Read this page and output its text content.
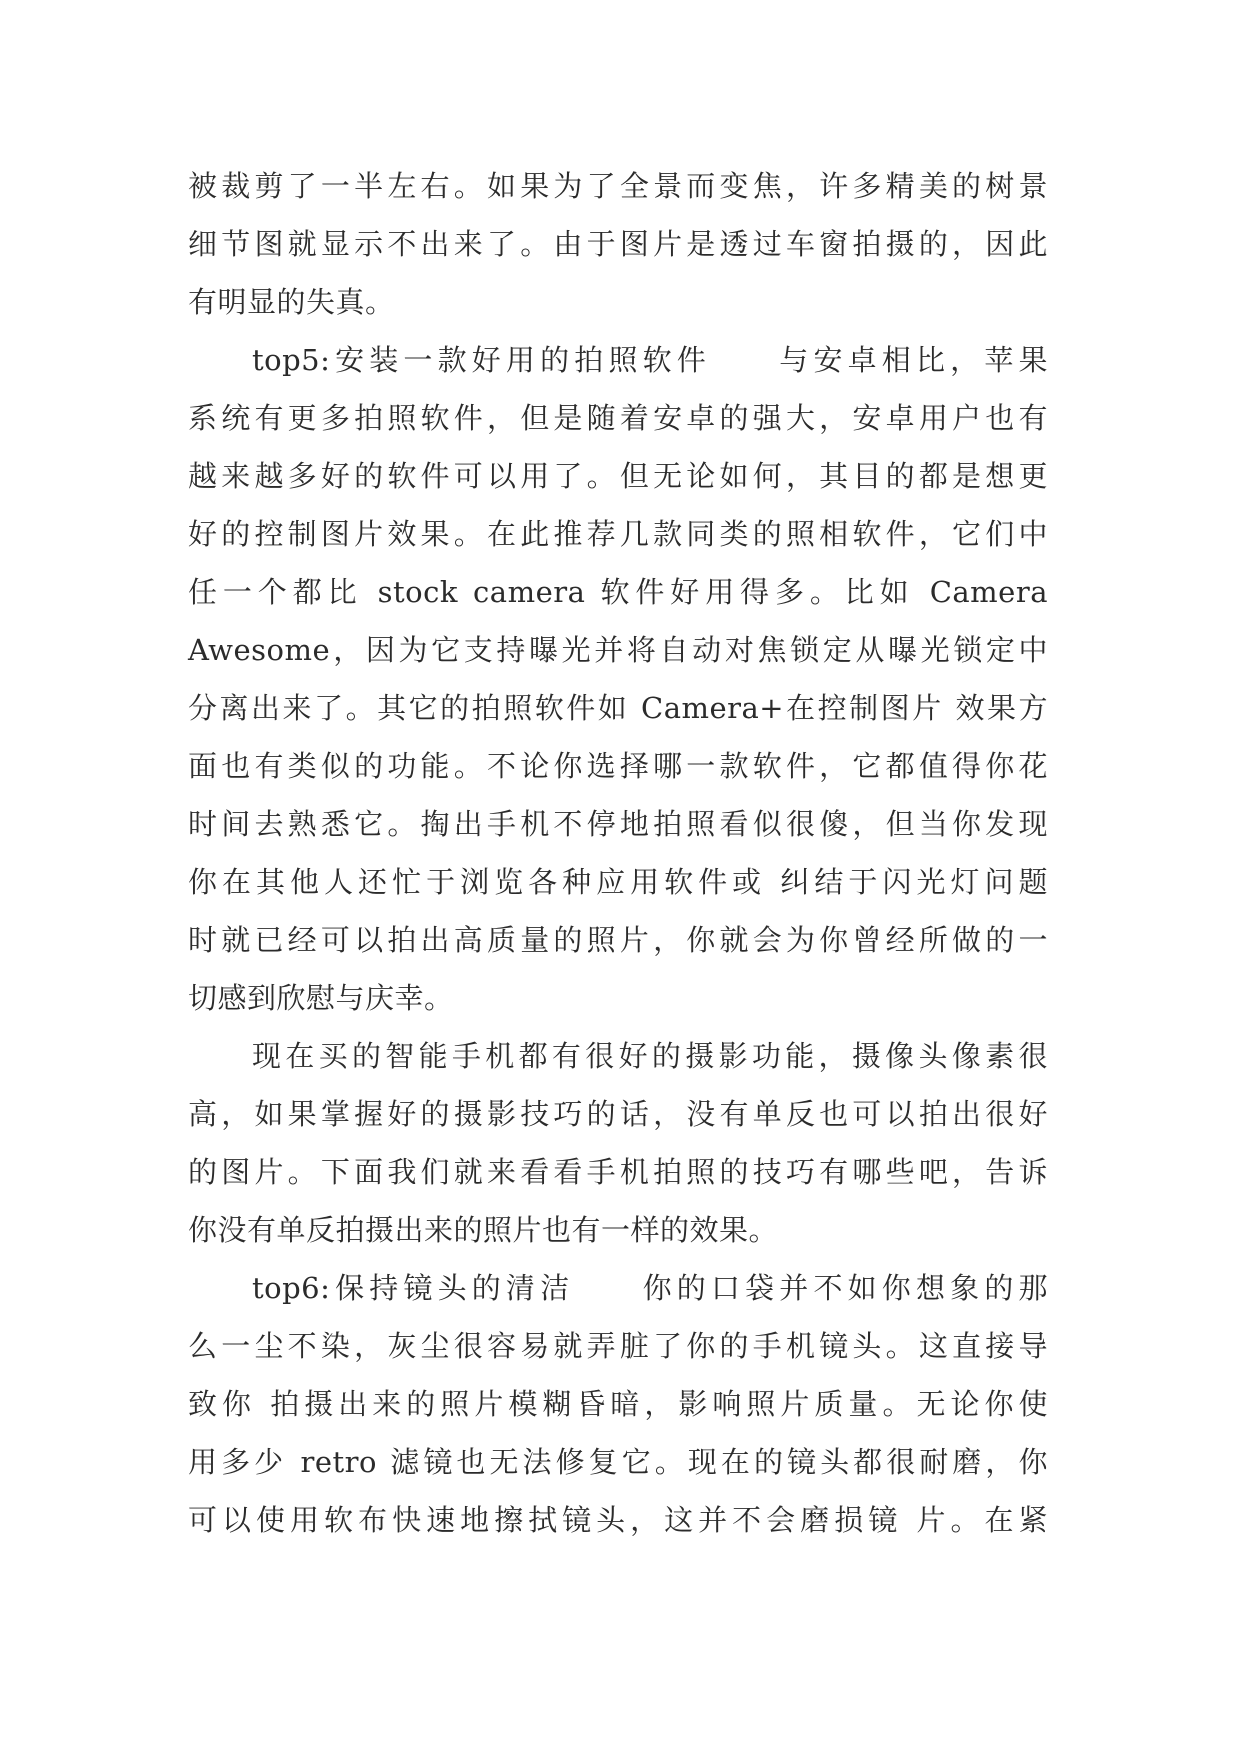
被裁剪了一半左右。如果为了全景而变焦，许多精美的树景
细节图就显示不出来了。由于图片是透过车窗拍摄的，因此
有明显的失真。
top5:安装一款好用的拍照软件　　与安卓相比，苹果
系统有更多拍照软件，但是随着安卓的强大，安卓用户也有
越来越多好的软件可以用了。但无论如何，其目的都是想更
好的控制图片效果。在此推荐几款同类的照相软件，它们中
任一个都比 stock camera 软件好用得多。比如 Camera
Awesome，因为它支持曝光并将自动对焦锁定从曝光锁定中
分离出来了。其它的拍照软件如 Camera+在控制图片 效果方
面也有类似的功能。不论你选择哪一款软件，它都值得你花
时间去熟悉它。掏出手机不停地拍照看似很傻，但当你发现
你在其他人还忙于浏览各种应用软件或 纠结于闪光灯问题
时就已经可以拍出高质量的照片，你就会为你曾经所做的一
切感到欣慰与庆幸。
现在买的智能手机都有很好的摄影功能，摄像头像素很
高，如果掌握好的摄影技巧的话，没有单反也可以拍出很好
的图片。下面我们就来看看手机拍照的技巧有哪些吧，告诉
你没有单反拍摄出来的照片也有一样的效果。
top6:保持镜头的清洁　　你的口袋并不如你想象的那
么一尘不染，灰尘很容易就弄脏了你的手机镜头。这直接导
致你 拍摄出来的照片模糊昏暗，影响照片质量。无论你使
用多少 retro 滤镜也无法修复它。现在的镜头都很耐磨，你
可以使用软布快速地擦拭镜头，这并不会磨损镜 片。在紧
